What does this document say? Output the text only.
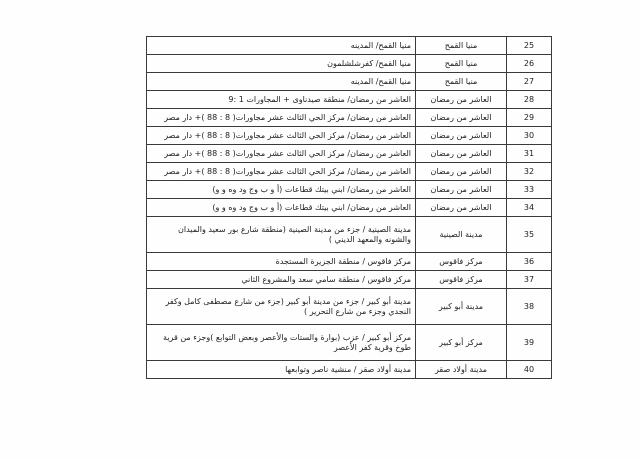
25	منيا القمح	منيا القمح/ المدينه
26	منيا القمح	منيا القمح/ كفرشلشلمون
27	منيا القمح	منيا القمح/ المدينه
28	العاشر من رمضان	العاشر من رمضان/ منطقة صيدناوى + المجاورات 1 :9
29	العاشر من رمضان	العاشر من رمضان/ مركز الحي الثالث عشر مجاورات( 8 : 88 )+ دار مصر
30	العاشر من رمضان	العاشر من رمضان/ مركز الحي الثالث عشر مجاورات( 8 : 88 )+ دار مصر
31	العاشر من رمضان	العاشر من رمضان/ مركز الحي الثالث عشر مجاورات( 8 : 88 )+ دار مصر
32	العاشر من رمضان	العاشر من رمضان/ مركز الحي الثالث عشر مجاورات( 8 : 88 )+ دار مصر
33	العاشر من رمضان	العاشر من رمضان/ ابني بيتك قطاعات (أ و ب وج ود وه و و)
34	العاشر من رمضان	العاشر من رمضان/ ابني بيتك قطاعات (أ و ب وج ود وه و و)
35	مدينة الصينية	مدينة الصينية / جزء من مدينة الصينية (منطقة شارع بور سعيد والميدان والشونه والمعهد الديني )
36	مركز فاقوس	مركز فاقوس / منطقة الجزيرة المستجدة
37	مركز فاقوس	مركز فاقوس / منطقة سامي سعد والمشروع الثاني
38	مدينة أبو كبير	مدينة أبو كبير / جزء من مدينة أبو كبير (جزء من شارع مصطفى كامل وكفر النجدي وجزء من شارع التحرير )
39	مركز أبو كبير	مركز أبو كبير / عزب (بوارة والستات والأعصر وبعض التوابع )وجزء من قرية طوخ وقرية كفر الأعصر
40	مدينة أولاد صقر	مدينة أولاد صقر / منشية ناصر وتوابعها
